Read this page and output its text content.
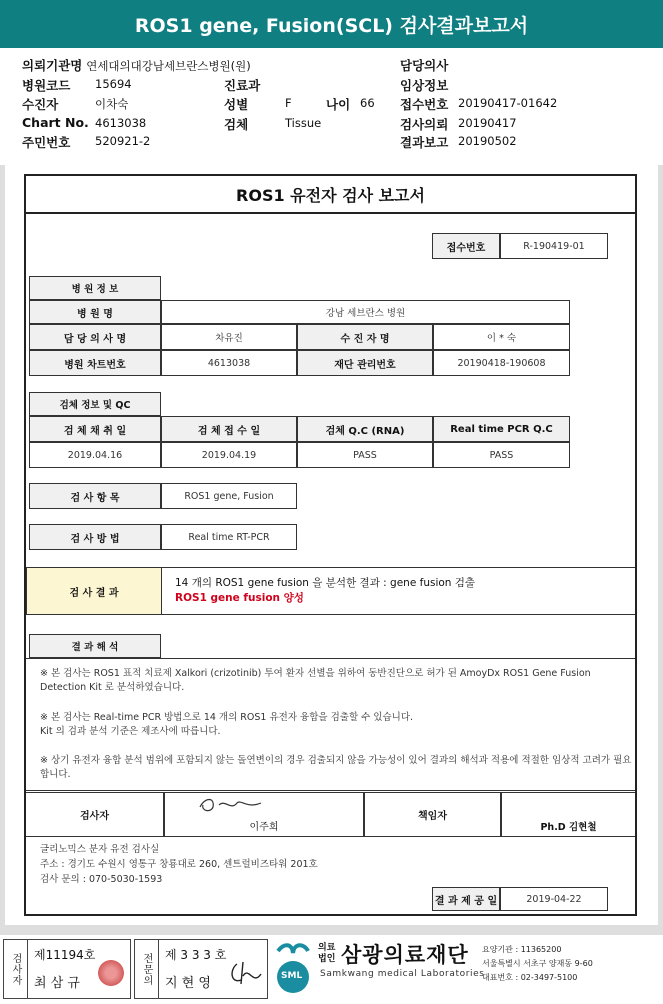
ROS1 gene, Fusion(SCL) 검사결과보고서
의뢰기관명 연세대의대강남세브란스병원(원)
병원코드 15694
수진자	이차숙
Chart No. 4613038
주민번호 520921-2
진료과
성별	F	나이 66
검체	Tissue
담당의사
임상정보
접수번호 20190417-01642
검사의뢰 20190417
결과보고 20190502
ROS1 유전자 검사 보고서
접수번호	R-190419-01
병 원 정 보
병 원 명	강남 세브란스 병원
담 당 의 사 명	차유진	수 진 자 명	이 * 숙
병원 차트번호	4613038	재단 관리번호	20190418-190608
검체 정보 및 QC
검 체 채 취 일	검 체 접 수 일	검체 Q.C (RNA)	Real time PCR Q.C
2019.04.16	2019.04.19	PASS	PASS
검 사 항 목	ROS1 gene, Fusion
검 사 방 법	Real time RT-PCR
검 사 결 과
14 개의 ROS1 gene fusion 을 분석한 결과 : gene fusion 검출
ROS1 gene fusion 양성
결 과 해 석
※ 본 검사는 ROS1 표적 치료제 Xalkori (crizotinib) 투여 환자 선별을 위하여 동반진단으로 허가 된 AmoyDx ROS1 Gene Fusion Detection Kit 로 분석하였습니다.
※ 본 검사는 Real-time PCR 방법으로 14 개의 ROS1 유전자 융합을 검출할 수 있습니다.
Kit 의 검과 분석 기준은 제조사에 따릅니다.
※ 상기 유전자 융합 분석 범위에 포함되지 않는 돌연변이의 경우 검출되지 않을 가능성이 있어 결과의 해석과 적용에 적절한 임상적 고려가 필요합니다.
검사자
이주희
책임자
Ph.D 김현철
글리노믹스 분자 유전 검사실
주소 : 경기도 수원시 영통구 창룡대로 260, 센트럴비즈타워 201호
검사 문의 : 070-5030-1593
결 과 제 공 일	2019-04-22
검사자 제11194호
최 삼 규	전문의 제 3 3 3 호
지 현 영	SML
의료
법인 삼광의료재단
Samkwang medical Laboratories
요양기관 : 11365200
서울특별시 서초구 양재동 9-60
대표번호 : 02-3497-5100
